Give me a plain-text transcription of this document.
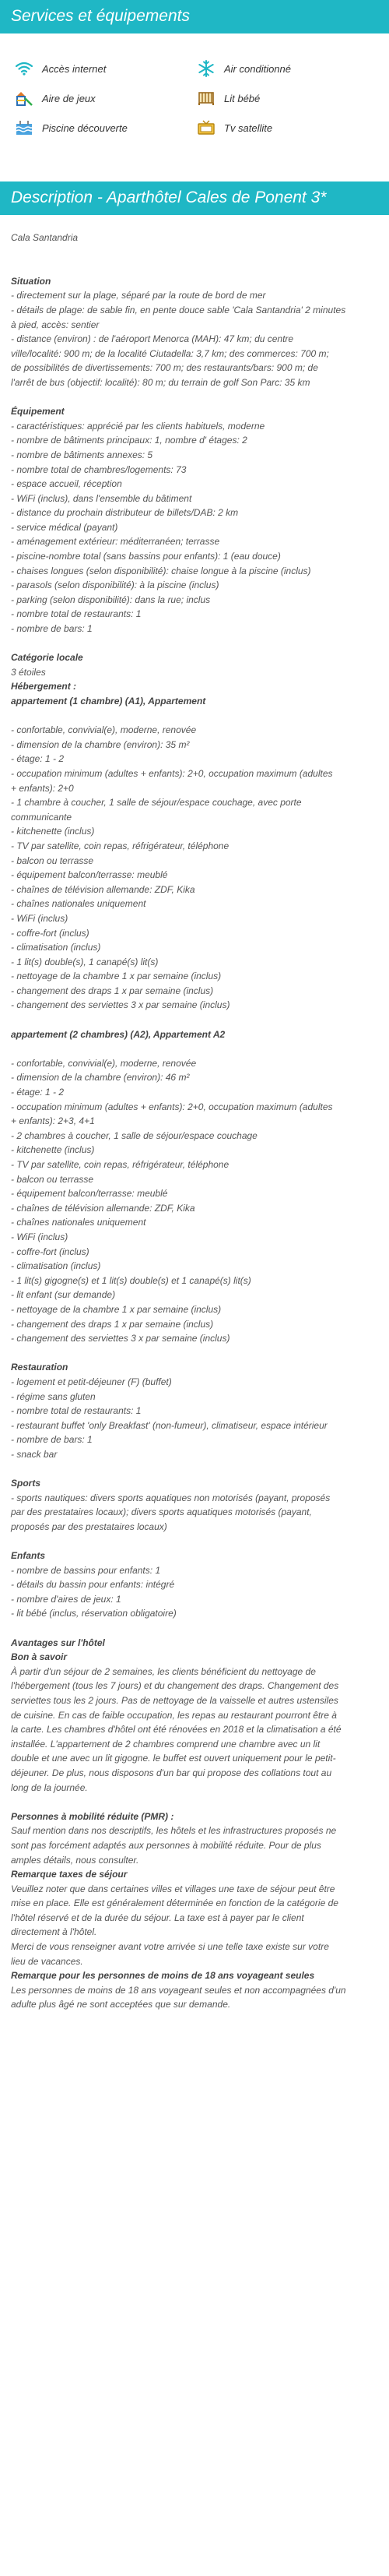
Services et équipements
Accès internet	Air conditionné
Aire de jeux	Lit bébé
Piscine découverte	Tv satellite
Description - Aparthôtel Cales de Ponent 3*

Cala Santandria

Situation

- directement sur la plage, séparé par la route de bord de mer

- détails de plage: de sable fin, en pente douce sable 'Cala Santandria' 2 minutes

à pied, accès: sentier

- distance (environ) : de l'aéroport Menorca (MAH): 47 km; du centre

ville/localité: 900 m; de la localité Ciutadella: 3,7 km; des commerces: 700 m;

de possibilités de divertissements: 700 m; des restaurants/bars: 900 m; de

l'arrêt de bus (objectif: localité): 80 m; du terrain de golf Son Parc: 35 km

Équipement

- caractéristiques: apprécié par les clients habituels, moderne

- nombre de bâtiments principaux: 1, nombre d' étages: 2

- nombre de bâtiments annexes: 5

- nombre total de chambres/logements: 73

- espace accueil, réception

- WiFi (inclus), dans l'ensemble du bâtiment

- distance du prochain distributeur de billets/DAB: 2 km

- service médical (payant)

- aménagement extérieur: méditerranéen; terrasse

- piscine-nombre total (sans bassins pour enfants): 1 (eau douce)

- chaises longues (selon disponibilité): chaise longue à la piscine (inclus)

- parasols (selon disponibilité): à la piscine (inclus)

- parking (selon disponibilité): dans la rue; inclus

- nombre total de restaurants: 1

- nombre de bars: 1

Catégorie locale

3 étoiles

Hébergement :

appartement (1 chambre) (A1), Appartement

- confortable, convivial(e), moderne, renovée

- dimension de la chambre (environ): 35 m²

- étage: 1 - 2

- occupation minimum (adultes + enfants): 2+0, occupation maximum (adultes

+ enfants): 2+0

- 1 chambre à coucher, 1 salle de séjour/espace couchage, avec porte

communicante

- kitchenette (inclus)

- TV par satellite, coin repas, réfrigérateur, téléphone

- balcon ou terrasse

- équipement balcon/terrasse: meublé

- chaînes de télévision allemande: ZDF, Kika

- chaînes nationales uniquement

- WiFi (inclus)

- coffre-fort (inclus)

- climatisation (inclus)

- 1 lit(s) double(s), 1 canapé(s) lit(s)

- nettoyage de la chambre 1 x par semaine (inclus)

- changement des draps 1 x par semaine (inclus)

- changement des serviettes 3 x par semaine (inclus)

appartement (2 chambres) (A2), Appartement A2

- confortable, convivial(e), moderne, renovée

- dimension de la chambre (environ): 46 m²

- étage: 1 - 2

- occupation minimum (adultes + enfants): 2+0, occupation maximum (adultes

+ enfants): 2+3, 4+1

- 2 chambres à coucher, 1 salle de séjour/espace couchage

- kitchenette (inclus)

- TV par satellite, coin repas, réfrigérateur, téléphone

- balcon ou terrasse

- équipement balcon/terrasse: meublé

- chaînes de télévision allemande: ZDF, Kika

- chaînes nationales uniquement

- WiFi (inclus)

- coffre-fort (inclus)

- climatisation (inclus)

- 1 lit(s) gigogne(s) et 1 lit(s) double(s) et 1 canapé(s) lit(s)

- lit enfant (sur demande)

- nettoyage de la chambre 1 x par semaine (inclus)

- changement des draps 1 x par semaine (inclus)

- changement des serviettes 3 x par semaine (inclus)

Restauration

- logement et petit-déjeuner (F) (buffet)

- régime sans gluten

- nombre total de restaurants: 1

- restaurant buffet 'only Breakfast' (non-fumeur), climatiseur, espace intérieur

- nombre de bars: 1

- snack bar

Sports

- sports nautiques: divers sports aquatiques non motorisés (payant, proposés

par des prestataires locaux); divers sports aquatiques motorisés (payant,

proposés par des prestataires locaux)

Enfants

- nombre de bassins pour enfants: 1

- détails du bassin pour enfants: intégré

- nombre d'aires de jeux: 1

- lit bébé (inclus, réservation obligatoire)

Avantages sur l'hôtel

Bon à savoir

À partir d'un séjour de 2 semaines, les clients bénéficient du nettoyage de

l'hébergement (tous les 7 jours) et du changement des draps. Changement des

serviettes tous les 2 jours. Pas de nettoyage de la vaisselle et autres ustensiles

de cuisine. En cas de faible occupation, les repas au restaurant pourront être à

la carte. Les chambres d'hôtel ont été rénovées en 2018 et la climatisation a été

installée. L'appartement de 2 chambres comprend une chambre avec un lit

double et une avec un lit gigogne. le buffet est ouvert uniquement pour le petit-

déjeuner. De plus, nous disposons d'un bar qui propose des collations tout au

long de la journée.

Personnes à mobilité réduite (PMR) :

Sauf mention dans nos descriptifs, les hôtels et les infrastructures proposés ne

sont pas forcément adaptés aux personnes à mobilité réduite. Pour de plus

amples détails, nous consulter.

Remarque taxes de séjour

Veuillez noter que dans certaines villes et villages une taxe de séjour peut être

mise en place. Elle est généralement déterminée en fonction de la catégorie de

l'hôtel réservé et de la durée du séjour. La taxe est à payer par le client

directement à l'hôtel.

Merci de vous renseigner avant votre arrivée si une telle taxe existe sur votre

lieu de vacances.

Remarque pour les personnes de moins de 18 ans voyageant seules

Les personnes de moins de 18 ans voyageant seules et non accompagnées d'un

adulte plus âgé ne sont acceptées que sur demande.
